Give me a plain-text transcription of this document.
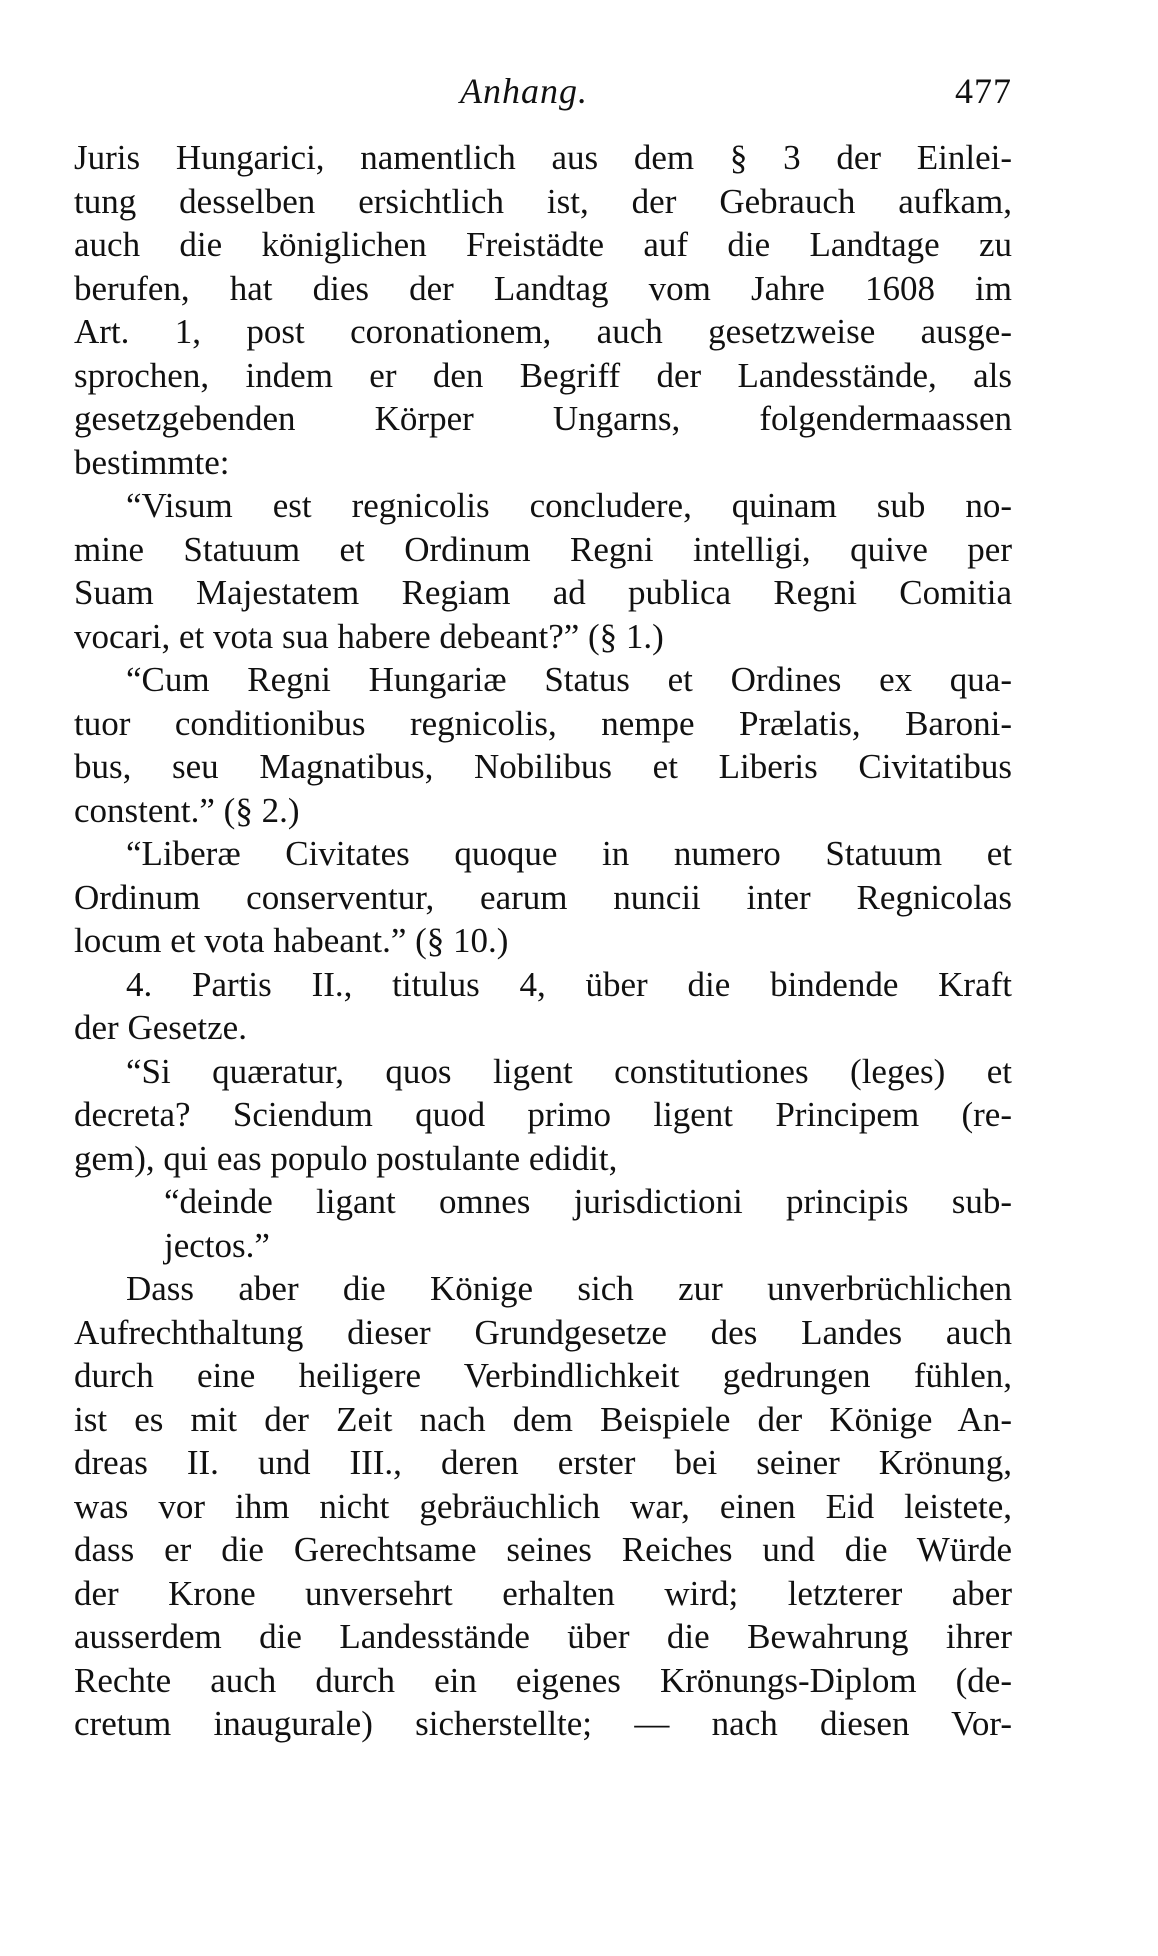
Anhang.	477
Juris Hungarici, namentlich aus dem § 3 der Einlei-
tung desselben ersichtlich ist, der Gebrauch aufkam,
auch die königlichen Freistädte auf die Landtage zu
berufen, hat dies der Landtag vom Jahre 1608 im
Art. 1, post coronationem, auch gesetzweise ausge-
sprochen, indem er den Begriff der Landesstände, als
gesetzgebenden Körper Ungarns, folgendermaassen
bestimmte:
“Visum est regnicolis concludere, quinam sub no-
mine Statuum et Ordinum Regni intelligi, quive per
Suam Majestatem Regiam ad publica Regni Comitia
vocari, et vota sua habere debeant?” (§ 1.)
“Cum Regni Hungariæ Status et Ordines ex qua-
tuor conditionibus regnicolis, nempe Prælatis, Baroni-
bus, seu Magnatibus, Nobilibus et Liberis Civitatibus
constent.” (§ 2.)
“Liberæ Civitates quoque in numero Statuum et
Ordinum conserventur, earum nuncii inter Regnicolas
locum et vota habeant.” (§ 10.)
4. Partis II., titulus 4, über die bindende Kraft
der Gesetze.
“Si quæratur, quos ligent constitutiones (leges) et
decreta? Sciendum quod primo ligent Principem (re-
gem), qui eas populo postulante edidit,
“deinde ligant omnes jurisdictioni principis sub-
jectos.”
Dass aber die Könige sich zur unverbrüchlichen
Aufrechthaltung dieser Grundgesetze des Landes auch
durch eine heiligere Verbindlichkeit gedrungen fühlen,
ist es mit der Zeit nach dem Beispiele der Könige An-
dreas II. und III., deren erster bei seiner Krönung,
was vor ihm nicht gebräuchlich war, einen Eid leistete,
dass er die Gerechtsame seines Reiches und die Würde
der Krone unversehrt erhalten wird; letzterer aber
ausserdem die Landesstände über die Bewahrung ihrer
Rechte auch durch ein eigenes Krönungs-Diplom (de-
cretum inaugurale) sicherstellte; — nach diesen Vor-
